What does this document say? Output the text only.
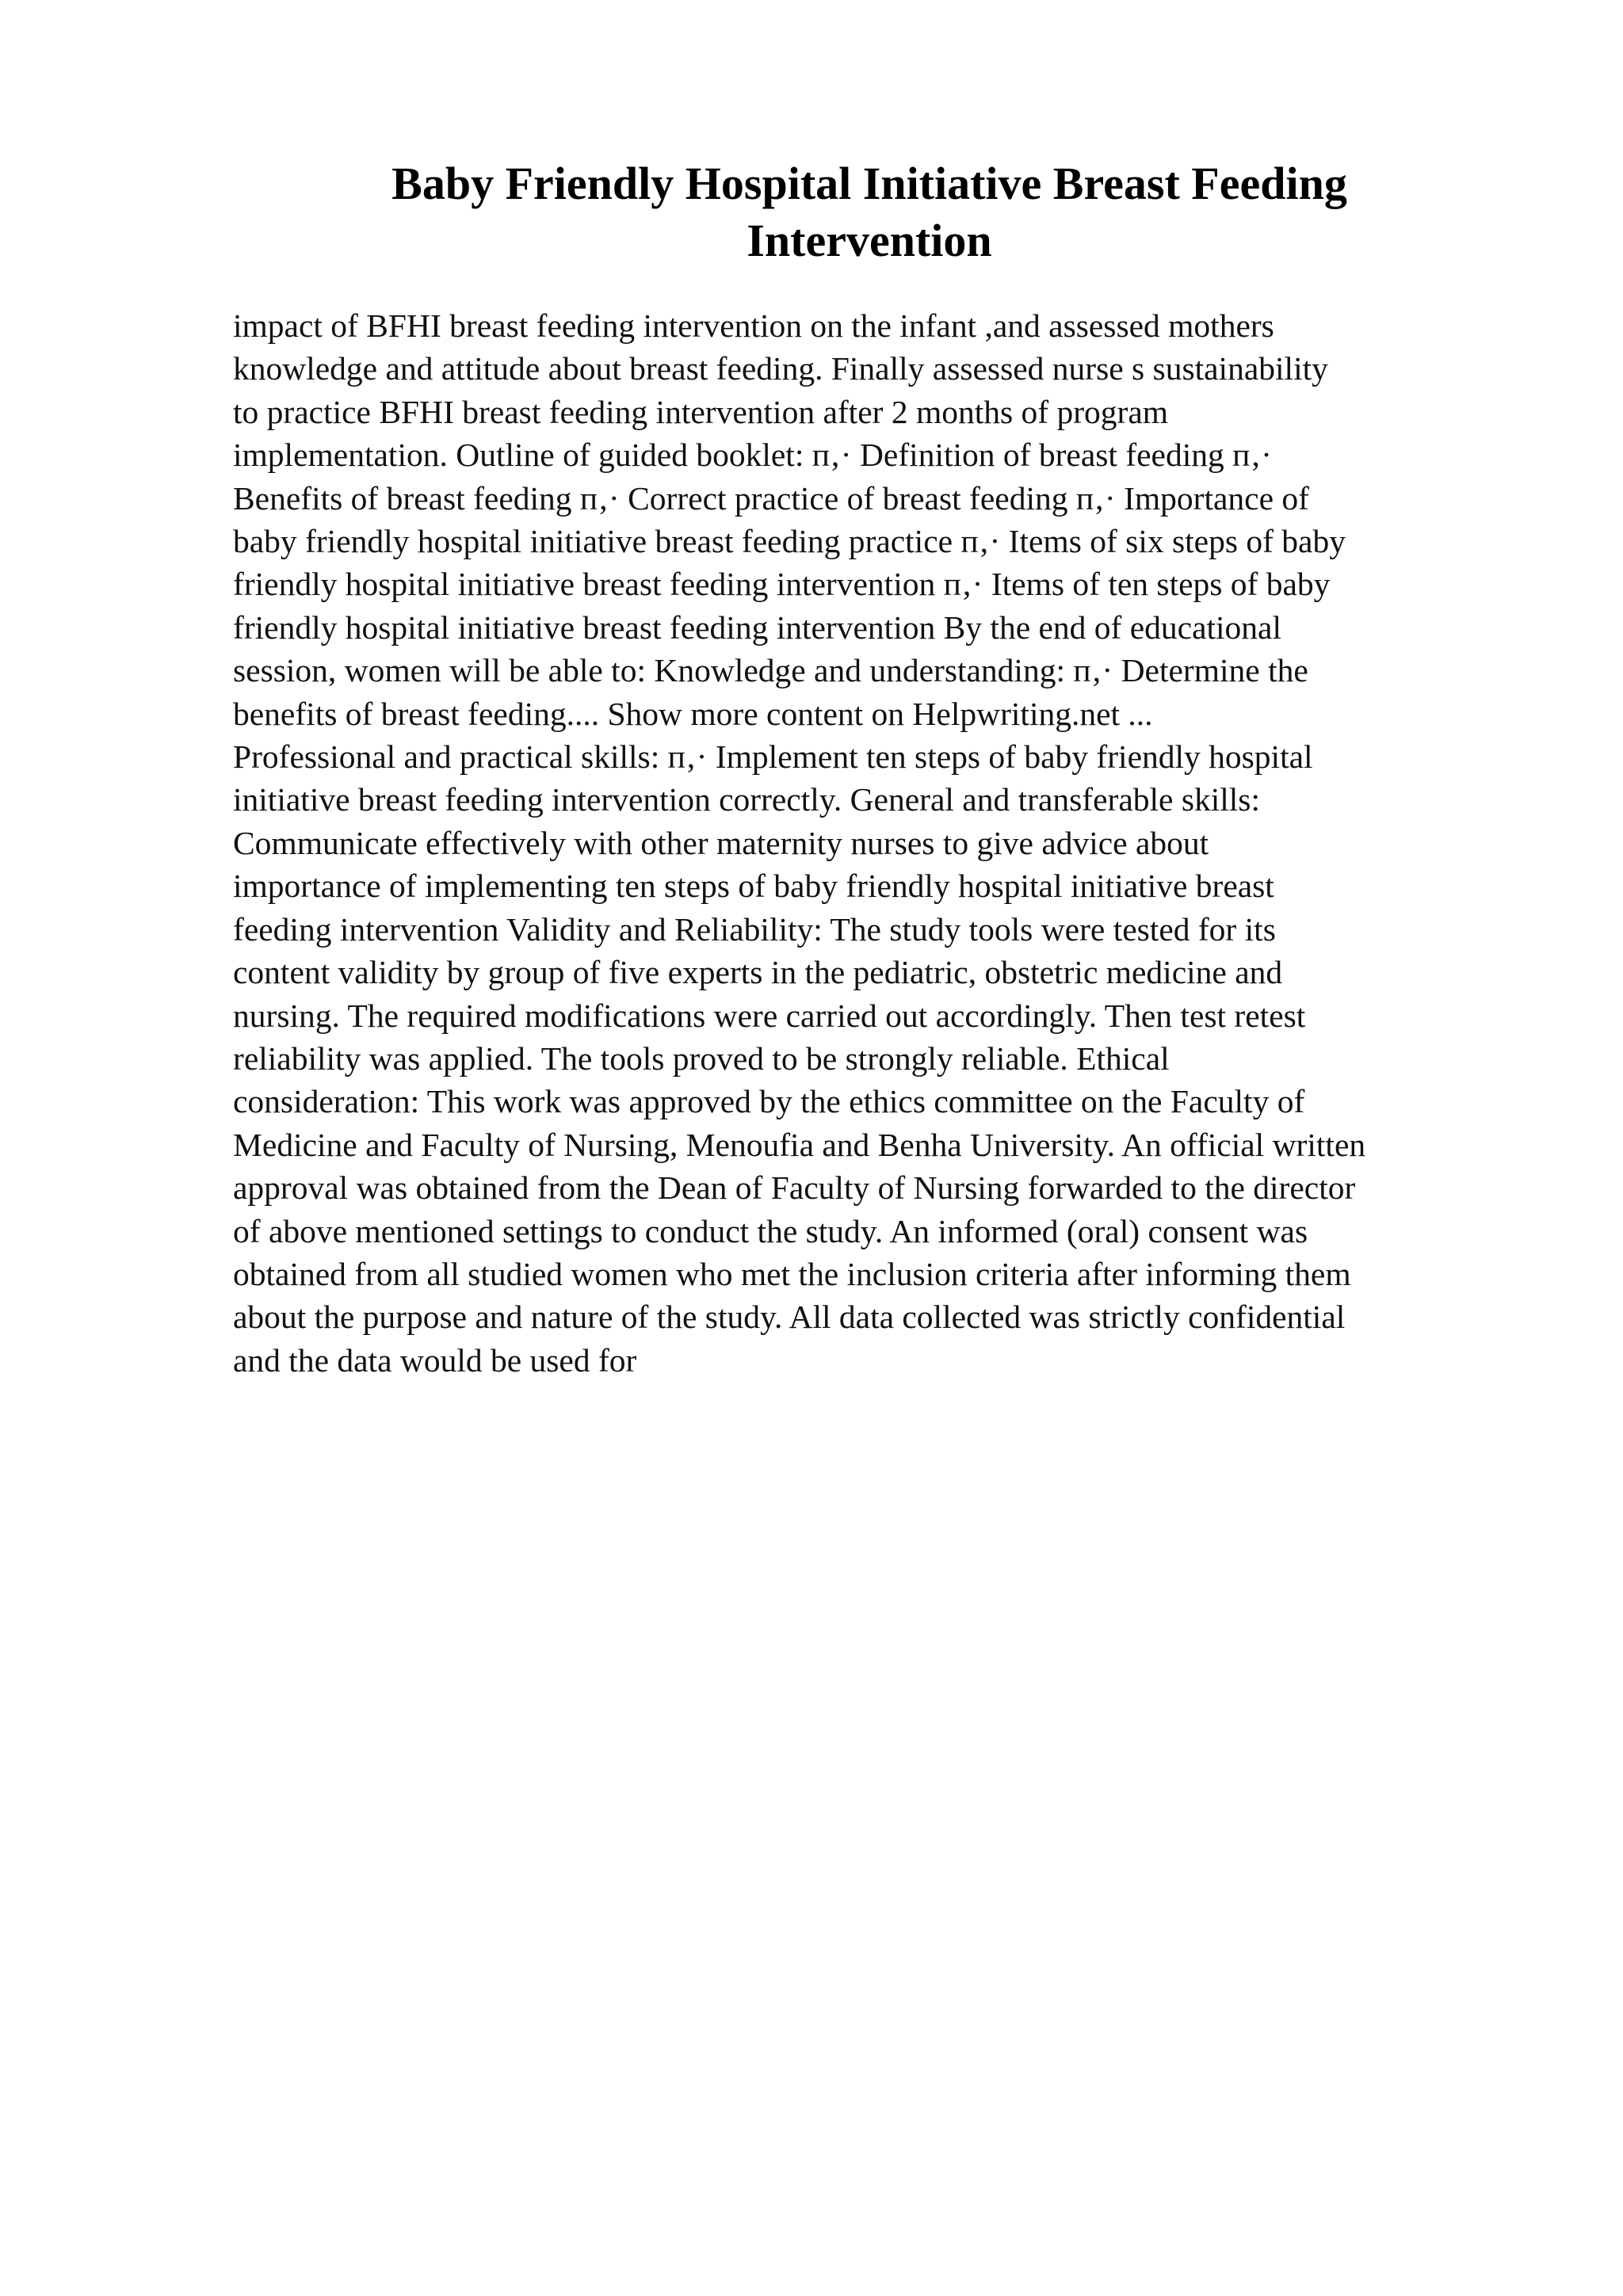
Baby Friendly Hospital Initiative Breast Feeding
Intervention
impact of BFHI breast feeding intervention on the infant ,and assessed mothers
knowledge and attitude about breast feeding. Finally assessed nurse s sustainability
to practice BFHI breast feeding intervention after 2 months of program
implementation. Outline of guided booklet: п‚· Definition of breast feeding п‚·
Benefits of breast feeding п‚· Correct practice of breast feeding п‚· Importance of
baby friendly hospital initiative breast feeding practice п‚· Items of six steps of baby
friendly hospital initiative breast feeding intervention п‚· Items of ten steps of baby
friendly hospital initiative breast feeding intervention By the end of educational
session, women will be able to: Knowledge and understanding: п‚· Determine the
benefits of breast feeding.... Show more content on Helpwriting.net ...
Professional and practical skills: п‚· Implement ten steps of baby friendly hospital
initiative breast feeding intervention correctly. General and transferable skills:
Communicate effectively with other maternity nurses to give advice about
importance of implementing ten steps of baby friendly hospital initiative breast
feeding intervention Validity and Reliability: The study tools were tested for its
content validity by group of five experts in the pediatric, obstetric medicine and
nursing. The required modifications were carried out accordingly. Then test retest
reliability was applied. The tools proved to be strongly reliable. Ethical
consideration: This work was approved by the ethics committee on the Faculty of
Medicine and Faculty of Nursing, Menoufia and Benha University. An official written
approval was obtained from the Dean of Faculty of Nursing forwarded to the director
of above mentioned settings to conduct the study. An informed (oral) consent was
obtained from all studied women who met the inclusion criteria after informing them
about the purpose and nature of the study. All data collected was strictly confidential
and the data would be used for
